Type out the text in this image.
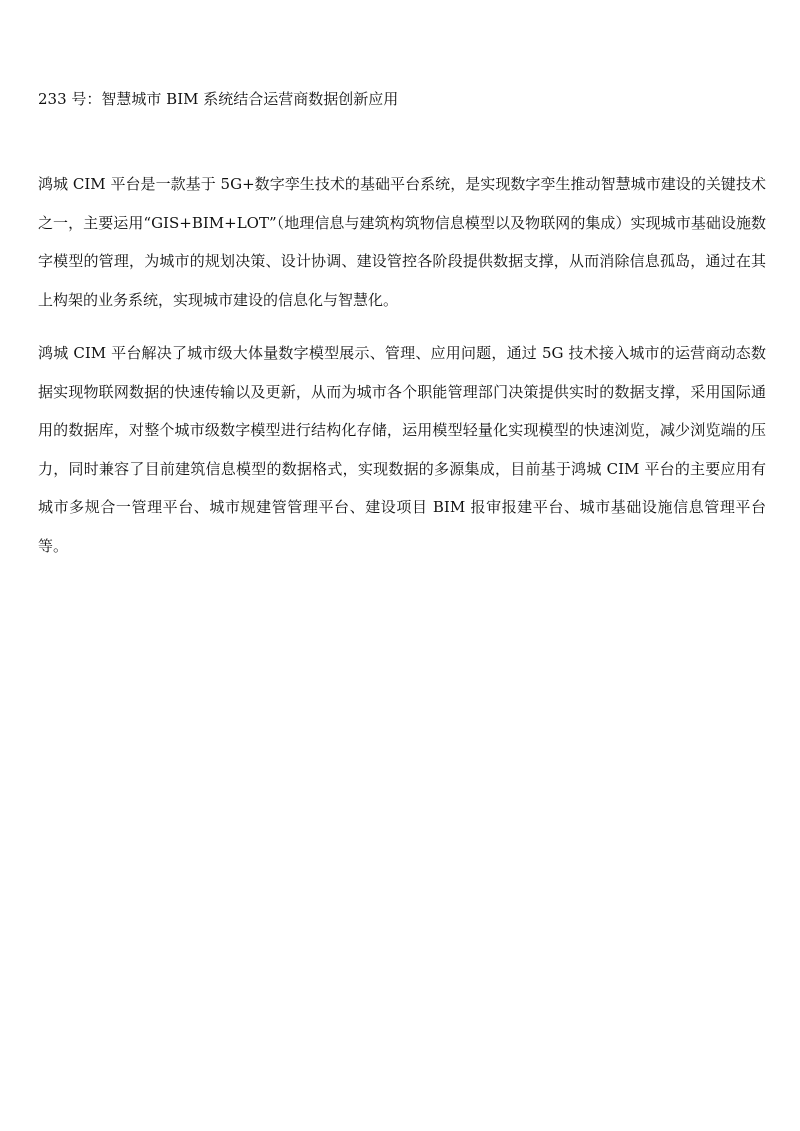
233 号：智慧城市 BIM 系统结合运营商数据创新应用

鸿城 CIM 平台是一款基于 5G+数字孪生技术的基础平台系统，是实现数字孪生推动智慧城市建设的关键技术之一，主要运用“GIS+BIM+LOT”（地理信息与建筑构筑物信息模型以及物联网的集成）实现城市基础设施数字模型的管理，为城市的规划决策、设计协调、建设管控各阶段提供数据支撑，从而消除信息孤岛，通过在其上构架的业务系统，实现城市建设的信息化与智慧化。

鸿城 CIM 平台解决了城市级大体量数字模型展示、管理、应用问题，通过 5G 技术接入城市的运营商动态数据实现物联网数据的快速传输以及更新，从而为城市各个职能管理部门决策提供实时的数据支撑，采用国际通用的数据库，对整个城市级数字模型进行结构化存储，运用模型轻量化实现模型的快速浏览，减少浏览端的压力，同时兼容了目前建筑信息模型的数据格式，实现数据的多源集成，目前基于鸿城 CIM 平台的主要应用有城市多规合一管理平台、城市规建管管理平台、建设项目 BIM 报审报建平台、城市基础设施信息管理平台等。
